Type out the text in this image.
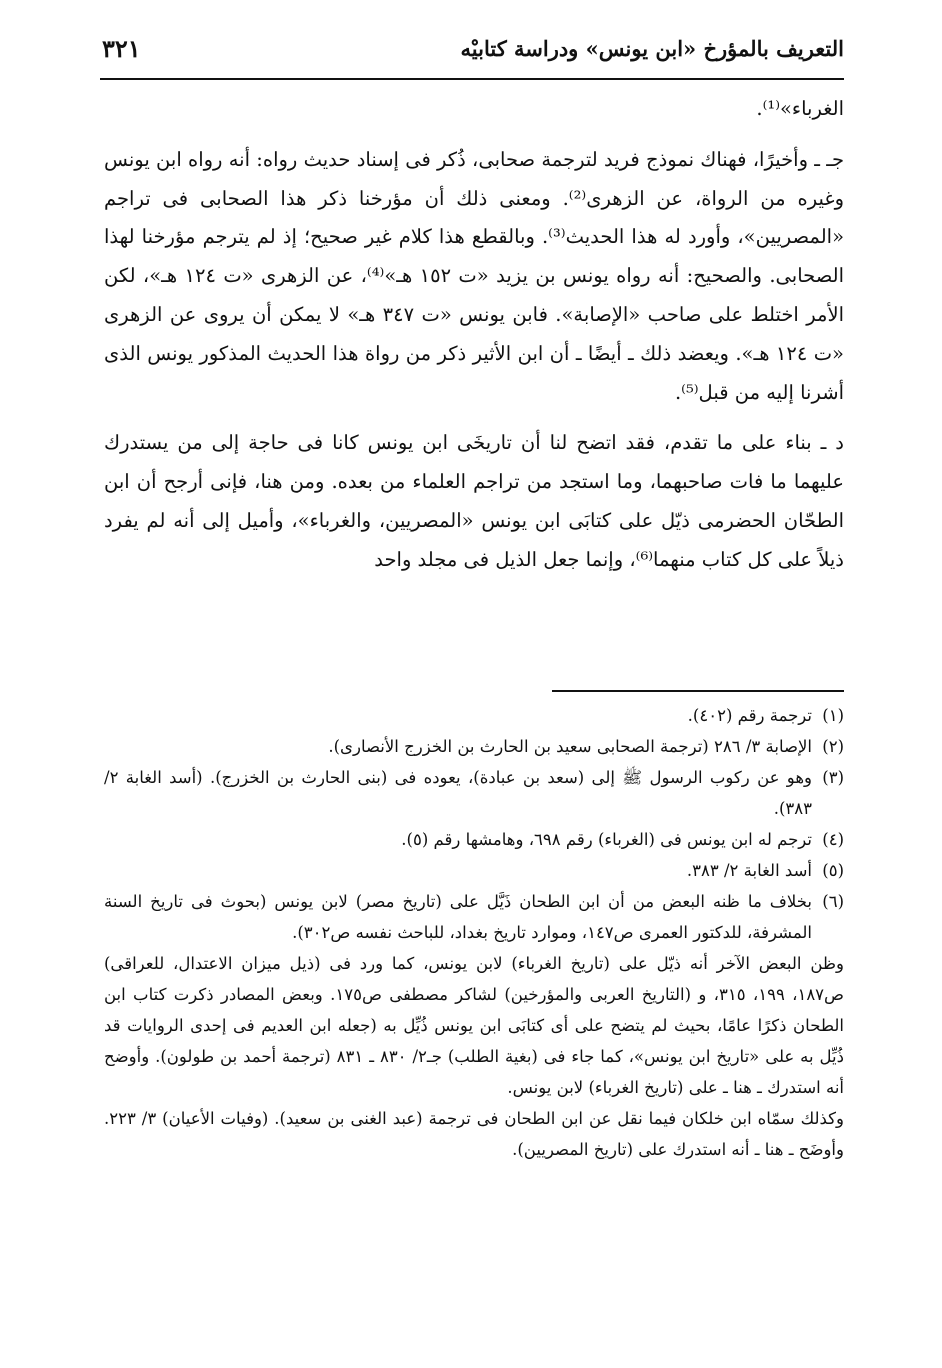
التعريف بالمؤرخ «ابن يونس» ودراسة كتابيْه
٣٢١

الغرباء»⁽¹⁾.

جـ ـ وأخيرًا، فهناك نموذج فريد لترجمة صحابى، ذُكر فى إسناد حديث رواه: أنه رواه ابن يونس وغيره من الرواة، عن الزهرى⁽²⁾. ومعنى ذلك أن مؤرخنا ذكر هذا الصحابى فى تراجم «المصريين»، وأورد له هذا الحديث⁽³⁾. وبالقطع هذا كلام غير صحيح؛ إذ لم يترجم مؤرخنا لهذا الصحابى. والصحيح: أنه رواه يونس بن يزيد «ت ١٥٢ هـ»⁽⁴⁾، عن الزهرى «ت ١٢٤ هـ»، لكن الأمر اختلط على صاحب «الإصابة». فابن يونس «ت ٣٤٧ هـ» لا يمكن أن يروى عن الزهرى «ت ١٢٤ هـ». ويعضد ذلك ـ أيضًا ـ أن ابن الأثير ذكر من رواة هذا الحديث المذكور يونس الذى أشرنا إليه من قبل⁽⁵⁾.

د ـ بناء على ما تقدم، فقد اتضح لنا أن تاريخَى ابن يونس كانا فى حاجة إلى من يستدرك عليهما ما فات صاحبهما، وما استجد من تراجم العلماء من بعده. ومن هنا، فإنى أرجح أن ابن الطحّان الحضرمى ذيّل على كتابَى ابن يونس «المصريين، والغرباء»، وأميل إلى أنه لم يفرد ذيلاً على كل كتاب منهما⁽⁶⁾، وإنما جعل الذيل فى مجلد واحد

(١)
ترجمة رقم (٤٠٢).

(٢)
الإصابة ٣/ ٢٨٦ (ترجمة الصحابى سعيد بن الحارث بن الخزرج الأنصارى).

(٣)
وهو عن ركوب الرسول ﷺ إلى (سعد بن عبادة)، يعوده فى (بنى الحارث بن الخزرج). (أسد الغابة ٢/ ٣٨٣).

(٤)
ترجم له ابن يونس فى (الغرباء) رقم ٦٩٨، وهامشها رقم (٥).

(٥)
أسد الغابة ٢/ ٣٨٣.

(٦)
بخلاف ما ظنه البعض من أن ابن الطحان ذَيَّل على (تاريخ مصر) لابن يونس (بحوث فى تاريخ السنة المشرفة، للدكتور العمرى ص١٤٧، وموارد تاريخ بغداد، للباحث نفسه ص٣٠٢).

وظن البعض الآخر أنه ذيّل على (تاريخ الغرباء) لابن يونس، كما ورد فى (ذيل ميزان الاعتدال، للعراقى) ص١٨٧، ١٩٩، ٣١٥، و (التاريخ العربى والمؤرخين) لشاكر مصطفى ص١٧٥. وبعض المصادر ذكرت كتاب ابن الطحان ذكرًا عامًا، بحيث لم يتضح على أى كتابَى ابن يونس ذُيِّل به (جعله ابن العديم فى إحدى الروايات قد ذُيِّل به على «تاريخ ابن يونس»، كما جاء فى (بغية الطلب) جـ٢/ ٨٣٠ ـ ٨٣١ (ترجمة أحمد بن طولون). وأوضح أنه استدرك ـ هنا ـ على (تاريخ الغرباء) لابن يونس.

وكذلك سمّاه ابن خلكان فيما نقل عن ابن الطحان فى ترجمة (عبد الغنى بن سعيد). (وفيات الأعيان) ٣/ ٢٢٣. وأوضَح ـ هنا ـ أنه استدرك على (تاريخ المصريين).
